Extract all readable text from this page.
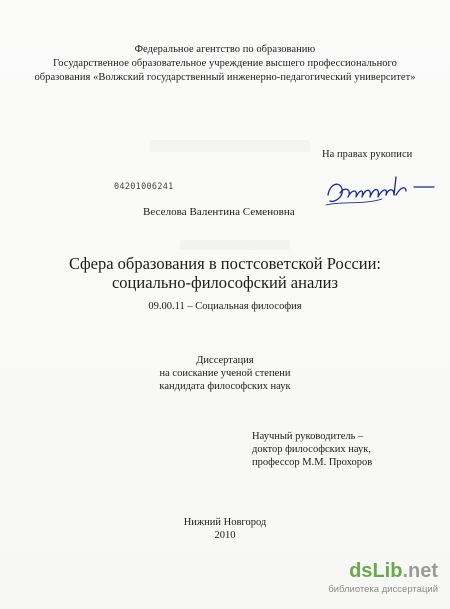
Федеральное агентство по образованию
Государственное образовательное учреждение высшего профессионального
образования «Волжский государственный инженерно-педагогический университет»
На правах рукописи
04201006241
Веселова Валентина Семеновна
Сфера образования в постсоветской России:
социально-философский анализ
09.00.11 – Социальная философия
Диссертация
на соискание ученой степени
кандидата философских наук
Научный руководитель –
доктор философских наук,
профессор М.М. Прохоров
Нижний Новгород
2010
dsLib.net
библиотека диссертаций
